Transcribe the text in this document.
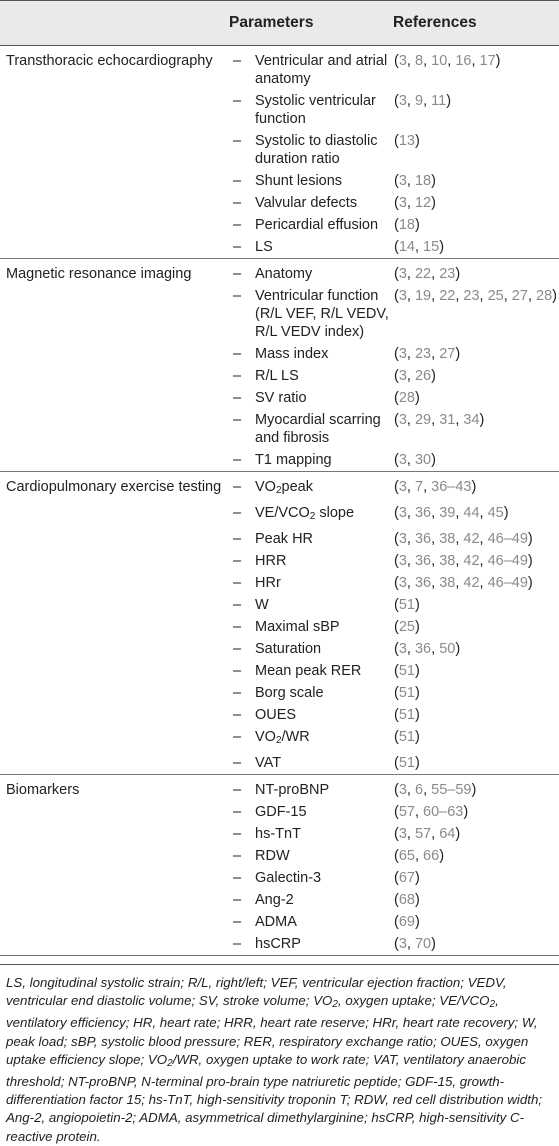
	Parameters	References
Transthoracic echocardiography	– Ventricular and atrial anatomy	(3, 8, 10, 16, 17)

	– Systolic ventricular function	(3, 9, 11)

	– Systolic to diastolic duration ratio	(13)

	– Shunt lesions	(3, 18)

	– Valvular defects	(3, 12)

	– Pericardial effusion	(18)

	– LS	(14, 15)
Magnetic resonance imaging	– Anatomy	(3, 22, 23)

	– Ventricular function (R/L VEF, R/L VEDV, R/L VEDV index)	(3, 19, 22, 23, 25, 27, 28)

	– Mass index	(3, 23, 27)

	– R/L LS	(3, 26)

	– SV ratio	(28)

	– Myocardial scarring and fibrosis	(3, 29, 31, 34)

	– T1 mapping	(3, 30)
Cardiopulmonary exercise testing	– $VO_2peak$	(3, 7, 36–43)

	– $VE/VCO_2$ slope	(3, 36, 39, 44, 45)

	– Peak HR	(3, 36, 38, 42, 46–49)

	– HRR	(3, 36, 38, 42, 46–49)

	– HRr	(3, 36, 38, 42, 46–49)

	– W	(51)

	– Maximal sBP	(25)

	– Saturation	(3, 36, 50)

	– Mean peak RER	(51)

	– Borg scale	(51)

	– OUES	(51)

	– $VO_2/WR$	(51)

	– VAT	(51)
Biomarkers	– NT-proBNP	(3, 6, 55–59)

	– GDF-15	(57, 60–63)

	– hs-TnT	(3, 57, 64)

	– RDW	(65, 66)

	– Galectin-3	(67)

	– Ang-2	(68)

	– ADMA	(69)

	– hsCRP	(3, 70)
LS, longitudinal systolic strain; R/L, right/left; VEF, ventricular ejection fraction; VEDV, ventricular end diastolic volume; SV, stroke volume; $VO_2$, oxygen uptake; $VE/VCO_2$, ventilatory efficiency; HR, heart rate; HRR, heart rate reserve; HRr, heart rate recovery; W, peak load; sBP, systolic blood pressure; RER, respiratory exchange ratio; OUES, oxygen uptake efficiency slope; $VO_2/WR$, oxygen uptake to work rate; VAT, ventilatory anaerobic threshold; NT-proBNP, N-terminal pro-brain type natriuretic peptide; GDF-15, growth-differentiation factor 15; hs-TnT, high-sensitivity troponin T; RDW, red cell distribution width; Ang-2, angiopoietin-2; ADMA, asymmetrical dimethylarginine; hsCRP, high-sensitivity C-reactive protein.
